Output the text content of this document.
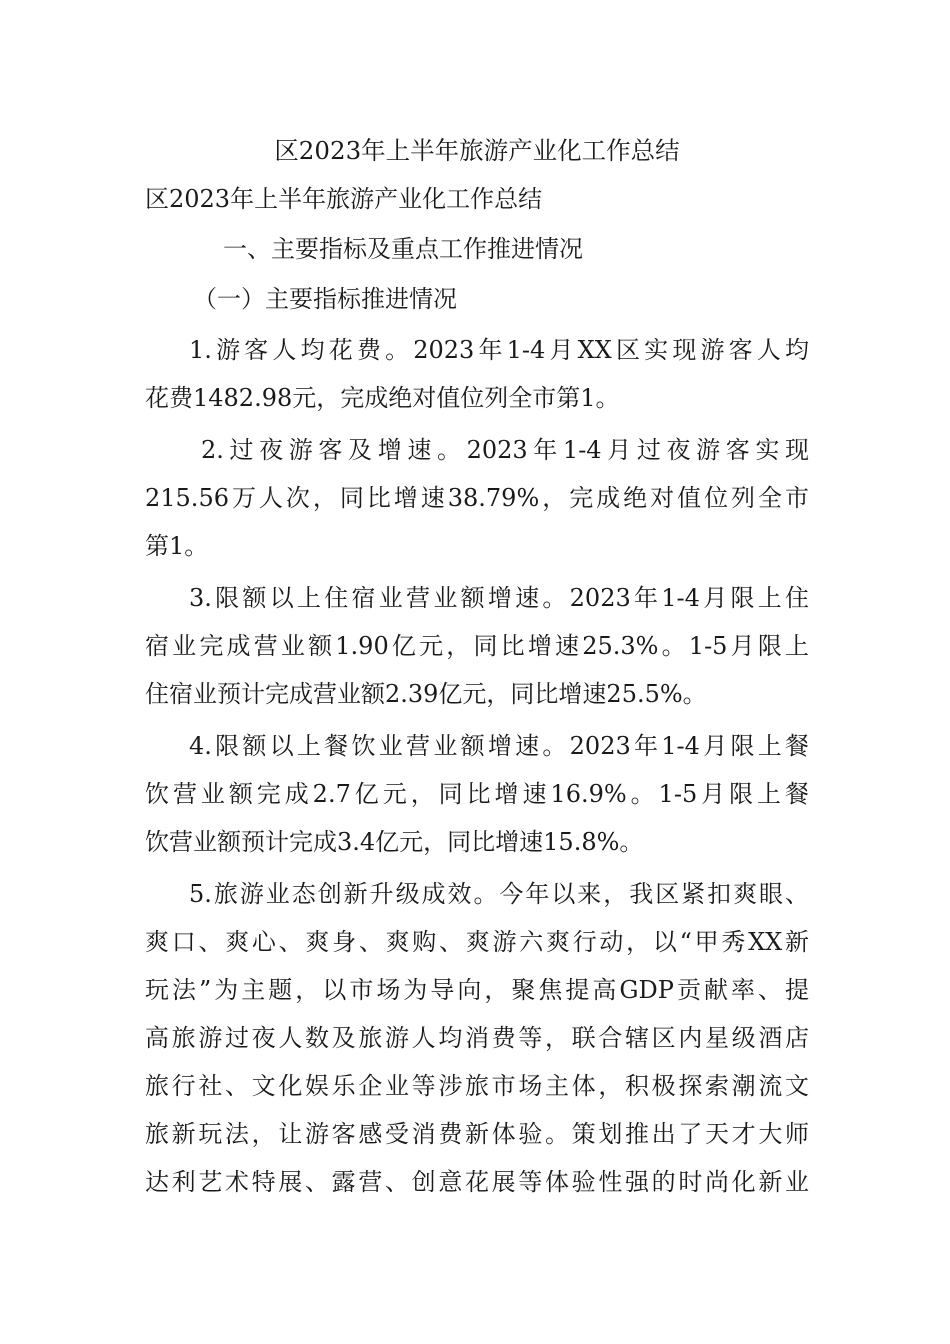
区2023年上半年旅游产业化工作总结

区2023年上半年旅游产业化工作总结

一、主要指标及重点工作推进情况

（一）主要指标推进情况

1.游客人均花费。2023年1-4月XX区实现游客人均
花费1482.98元，完成绝对值位列全市第1。
2.过夜游客及增速。2023年1-4月过夜游客实现
215.56万人次，同比增速38.79%，完成绝对值位列全市
第1。
3.限额以上住宿业营业额增速。2023年1-4月限上住
宿业完成营业额1.90亿元，同比增速25.3%。1-5月限上
住宿业预计完成营业额2.39亿元，同比增速25.5%。
4.限额以上餐饮业营业额增速。2023年1-4月限上餐
饮营业额完成2.7亿元，同比增速16.9%。1-5月限上餐
饮营业额预计完成3.4亿元，同比增速15.8%。
5.旅游业态创新升级成效。今年以来，我区紧扣爽眼、
爽口、爽心、爽身、爽购、爽游六爽行动，以“甲秀XX新
玩法”为主题，以市场为导向，聚焦提高GDP贡献率、提
高旅游过夜人数及旅游人均消费等，联合辖区内星级酒店
旅行社、文化娱乐企业等涉旅市场主体，积极探索潮流文
旅新玩法，让游客感受消费新体验。策划推出了天才大师
达利艺术特展、露营、创意花展等体验性强的时尚化新业
